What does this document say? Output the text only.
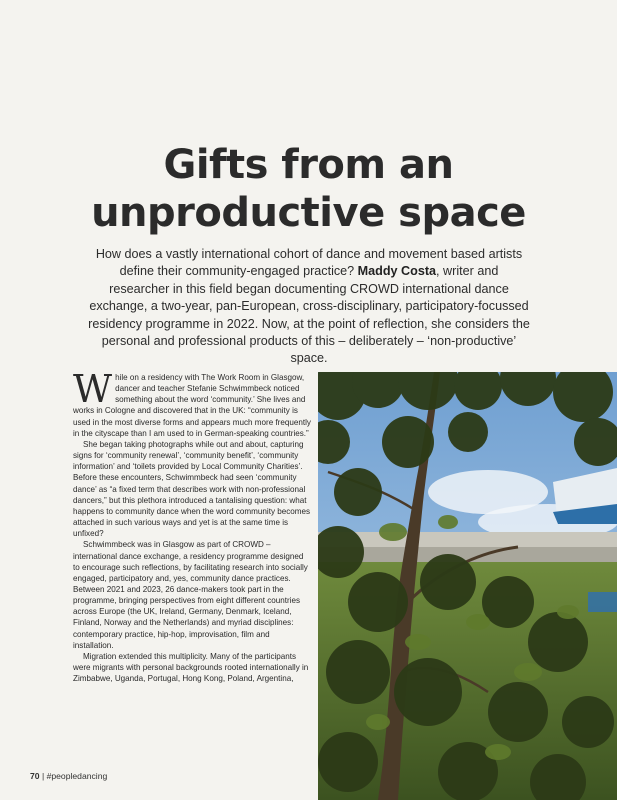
Gifts from an
unproductive space
How does a vastly international cohort of dance and movement based artists define their community-engaged practice? Maddy Costa, writer and researcher in this field began documenting CROWD international dance exchange, a two-year, pan-European, cross-disciplinary, participatory-focussed residency programme in 2022. Now, at the point of reflection, she considers the personal and professional products of this – deliberately – ‘non-productive’ space.

While on a residency with The Work Room in Glasgow, dancer and teacher Stefanie Schwimmbeck noticed something about the word ‘community.’ She lives and works in Cologne and discovered that in the UK: “community is used in the most diverse forms and appears much more frequently in the cityscape than I am used to in German-speaking countries.”

She began taking photographs while out and about, capturing signs for ‘community renewal’, ‘community benefit’, ‘community information’ and ‘toilets provided by Local Community Charities’. Before these encounters, Schwimmbeck had seen ‘community dance’ as “a fixed term that describes work with non-professional dancers,” but this plethora introduced a tantalising question: what happens to community dance when the word community becomes attached in such various ways and yet is at the same time is unfixed?

Schwimmbeck was in Glasgow as part of CROWD – international dance exchange, a residency programme designed to encourage such reflections, by facilitating research into socially engaged, participatory and, yes, community dance practices. Between 2021 and 2023, 26 dance-makers took part in the programme, bringing perspectives from eight different countries across Europe (the UK, Ireland, Germany, Denmark, Iceland, Finland, Norway and the Netherlands) and myriad disciplines: contemporary practice, hip-hop, improvisation, film and installation.

Migration extended this multiplicity. Many of the participants were migrants with personal backgrounds rooted internationally in Zimbabwe, Uganda, Portugal, Hong Kong, Poland, Argentina,

70 | #peopledancing
